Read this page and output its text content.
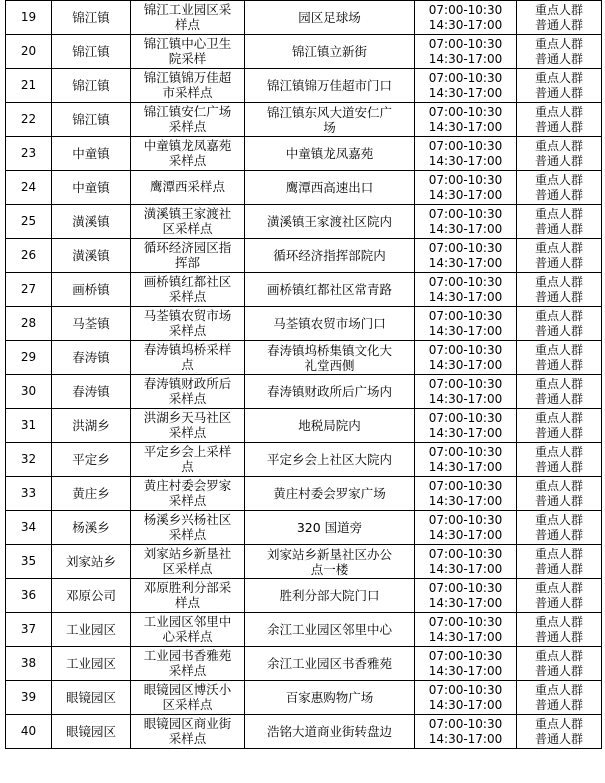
19	锦江镇	锦江工业园区采
样点	园区足球场	07:00-10:30
14:30-17:00	重点人群
普通人群

20	锦江镇	锦江镇中心卫生
院采样	锦江镇立新街	07:00-10:30
14:30-17:00	重点人群
普通人群

21	锦江镇	锦江镇锦万佳超
市采样点	锦江镇锦万佳超市门口	07:00-10:30
14:30-17:00	重点人群
普通人群

22	锦江镇	锦江镇安仁广场
采样点	锦江镇东风大道安仁广
场	07:00-10:30
14:30-17:00	重点人群
普通人群

23	中童镇	中童镇龙凤嘉苑
采样点	中童镇龙凤嘉苑	07:00-10:30
14:30-17:00	重点人群
普通人群

24	中童镇	鹰潭西采样点	鹰潭西高速出口	07:00-10:30
14:30-17:00	重点人群
普通人群

25	潢溪镇	潢溪镇王家渡社
区采样点	潢溪镇王家渡社区院内	07:00-10:30
14:30-17:00	重点人群
普通人群

26	潢溪镇	循环经济园区指
挥部	循环经济指挥部院内	07:00-10:30
14:30-17:00	重点人群
普通人群

27	画桥镇	画桥镇红都社区
采样点	画桥镇红都社区常青路	07:00-10:30
14:30-17:00	重点人群
普通人群

28	马荃镇	马荃镇农贸市场
采样点	马荃镇农贸市场门口	07:00-10:30
14:30-17:00	重点人群
普通人群

29	春涛镇	春涛镇坞桥采样
点	春涛镇坞桥集镇文化大
礼堂西侧	07:00-10:30
14:30-17:00	重点人群
普通人群

30	春涛镇	春涛镇财政所后
采样点	春涛镇财政所后广场内	07:00-10:30
14:30-17:00	重点人群
普通人群

31	洪湖乡	洪湖乡天马社区
采样点	地税局院内	07:00-10:30
14:30-17:00	重点人群
普通人群

32	平定乡	平定乡会上采样
点	平定乡会上社区大院内	07:00-10:30
14:30-17:00	重点人群
普通人群

33	黄庄乡	黄庄村委会罗家
采样点	黄庄村委会罗家广场	07:00-10:30
14:30-17:00	重点人群
普通人群

34	杨溪乡	杨溪乡兴杨社区
采样点	320 国道旁	07:00-10:30
14:30-17:00	重点人群
普通人群

35	刘家站乡	刘家站乡新垦社
区采样点	刘家站乡新垦社区办公
点一楼	07:00-10:30
14:30-17:00	重点人群
普通人群

36	邓原公司	邓原胜利分部采
样点	胜利分部大院门口	07:00-10:30
14:30-17:00	重点人群
普通人群

37	工业园区	工业园区邻里中
心采样点	余江工业园区邻里中心	07:00-10:30
14:30-17:00	重点人群
普通人群

38	工业园区	工业园书香雅苑
采样点	余江工业园区书香雅苑	07:00-10:30
14:30-17:00	重点人群
普通人群

39	眼镜园区	眼镜园区博沃小
区采样点	百家惠购物广场	07:00-10:30
14:30-17:00	重点人群
普通人群

40	眼镜园区	眼镜园区商业街
采样点	浩铭大道商业街转盘边	07:00-10:30
14:30-17:00	重点人群
普通人群
